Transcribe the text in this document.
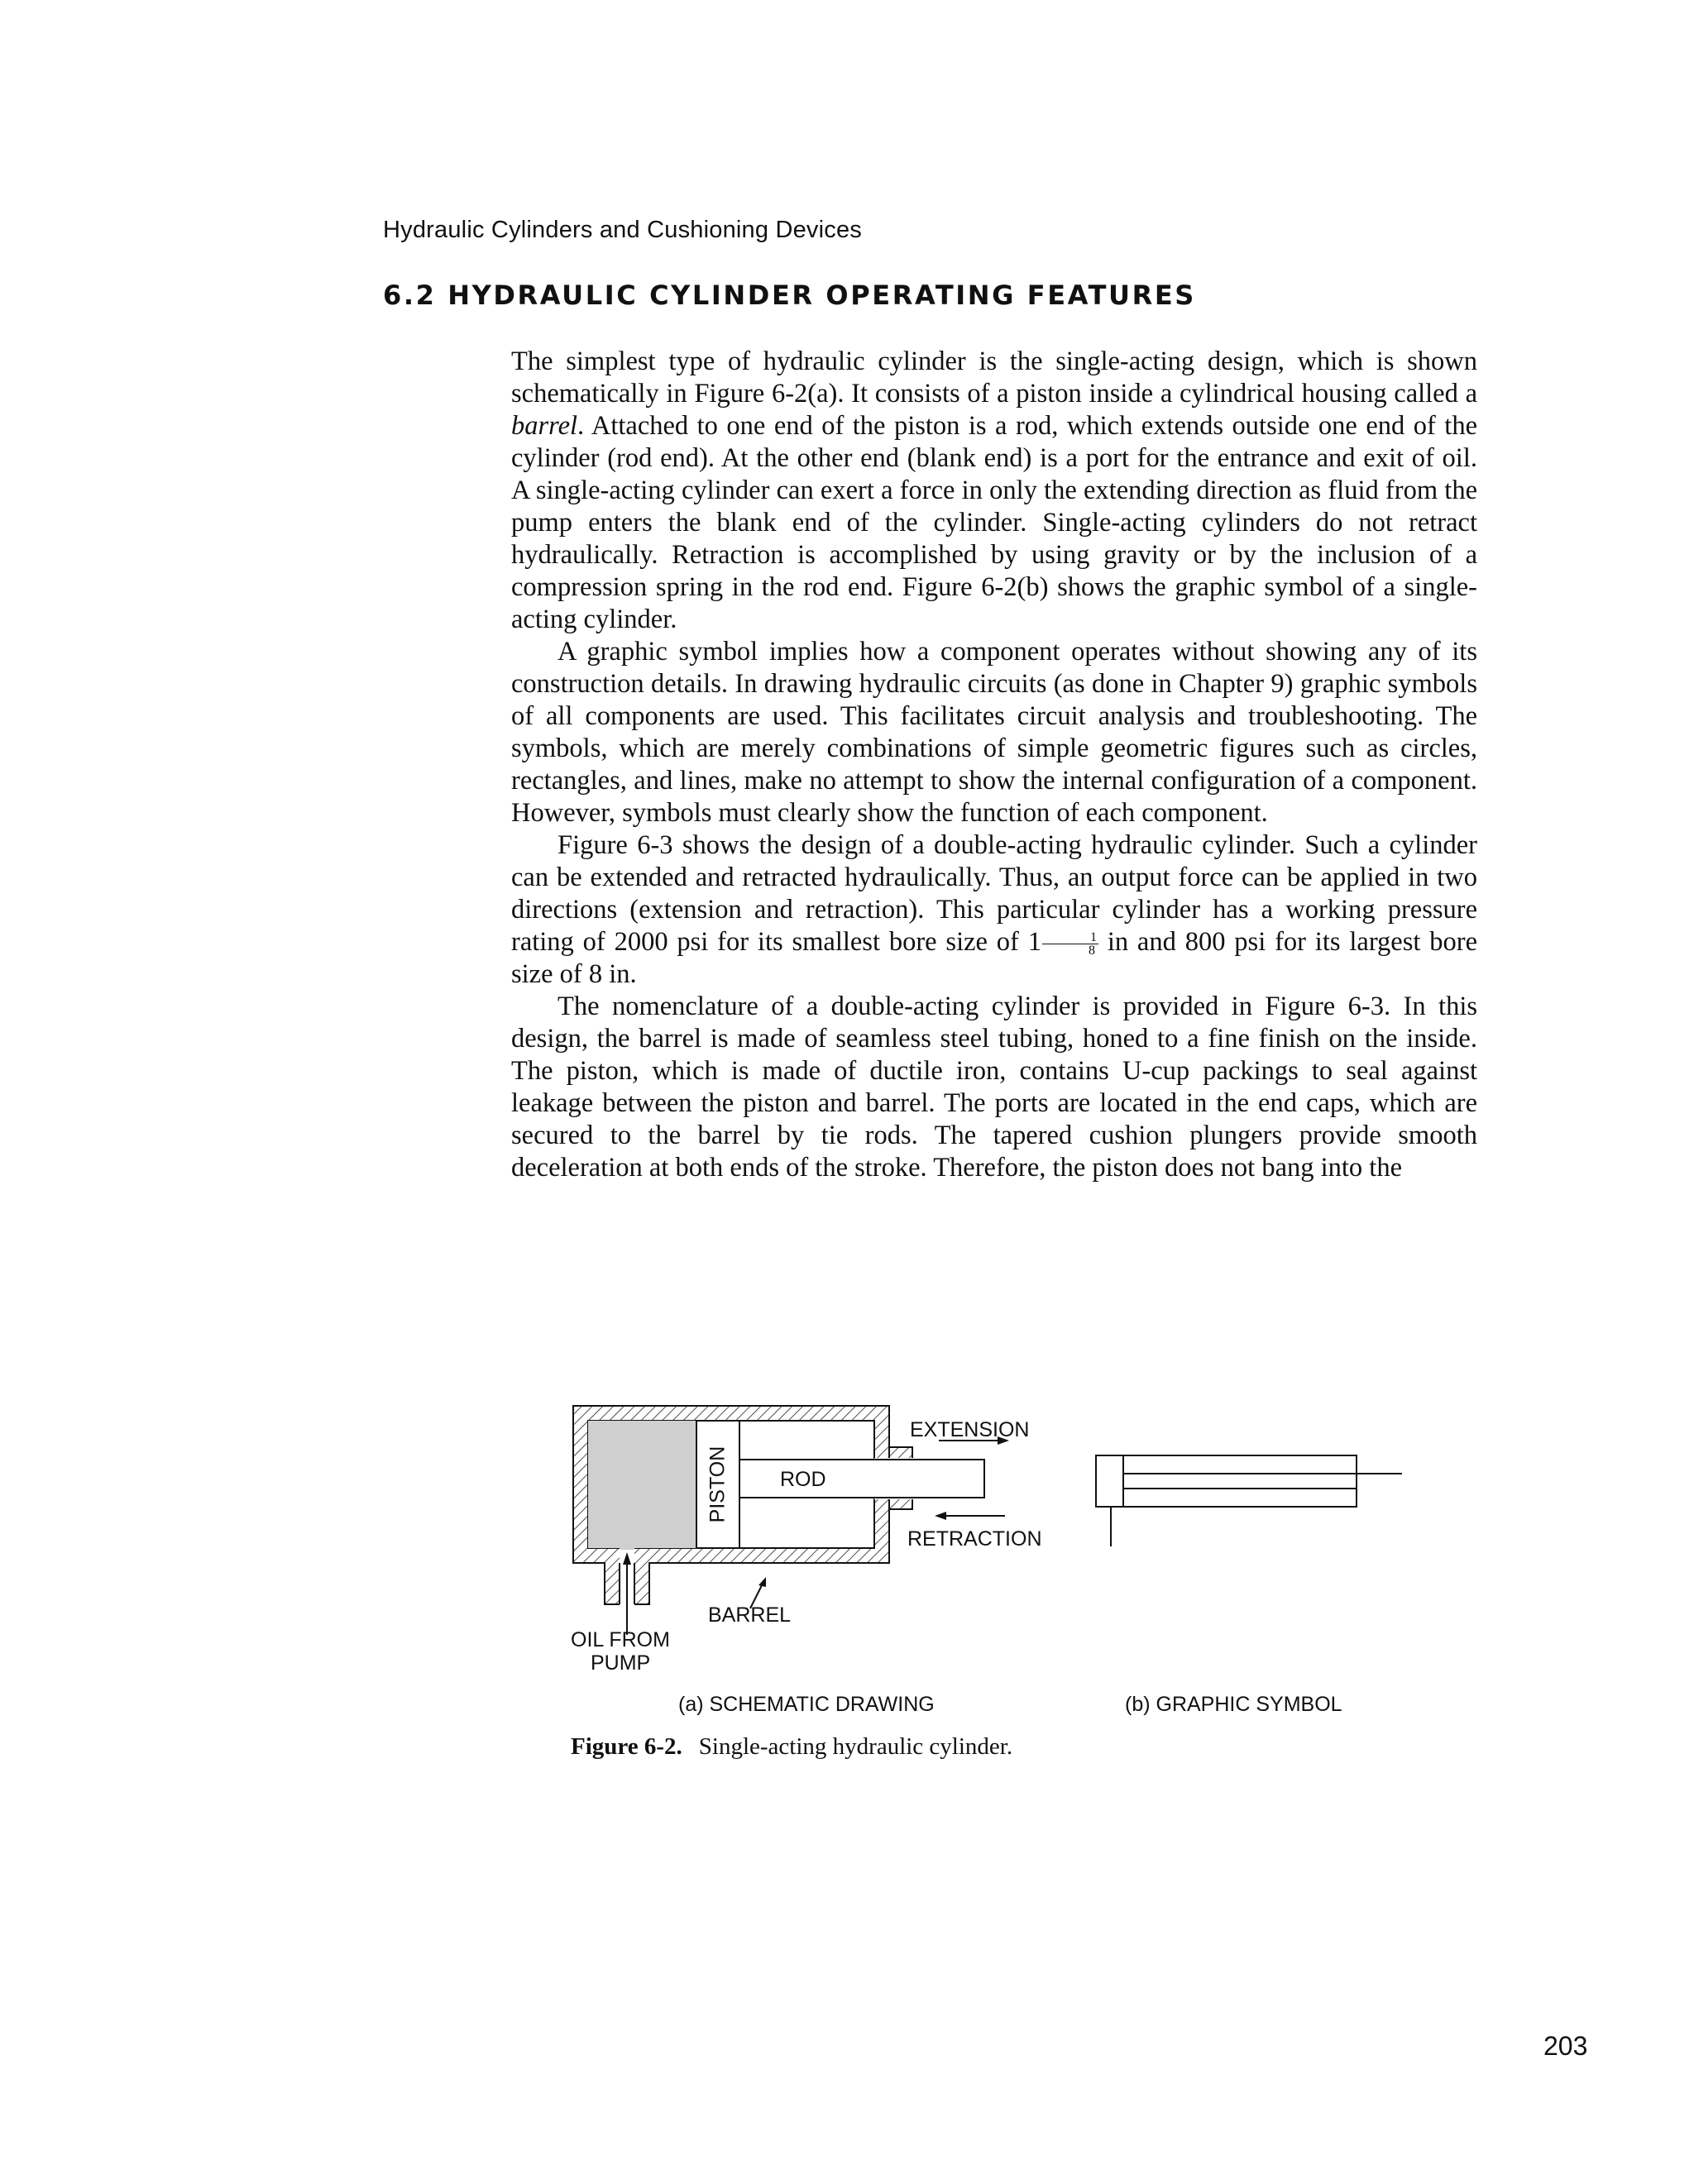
Hydraulic Cylinders and Cushioning Devices
6.2 HYDRAULIC CYLINDER OPERATING FEATURES

The simplest type of hydraulic cylinder is the single-acting design, which is shown schematically in Figure 6-2(a). It consists of a piston inside a cylindrical housing called a barrel. Attached to one end of the piston is a rod, which extends outside one end of the cylinder (rod end). At the other end (blank end) is a port for the entrance and exit of oil. A single-acting cylinder can exert a force in only the extending direction as fluid from the pump enters the blank end of the cylinder. Single-acting cylinders do not retract hydraulically. Retraction is accomplished by using gravity or by the inclusion of a compression spring in the rod end. Figure 6-2(b) shows the graphic symbol of a single-acting cylinder.

A graphic symbol implies how a component operates without showing any of its construction details. In drawing hydraulic circuits (as done in Chapter 9) graphic symbols of all components are used. This facilitates circuit analysis and troubleshooting. The symbols, which are merely combinations of simple geometric figures such as circles, rectangles, and lines, make no attempt to show the internal configuration of a component. However, symbols must clearly show the function of each component.

Figure 6-3 shows the design of a double-acting hydraulic cylinder. Such a cylinder can be extended and retracted hydraulically. Thus, an output force can be applied in two directions (extension and retraction). This particular cylinder has a working pressure rating of 2000 psi for its smallest bore size of $1 \frac{1}{8}$ in and 800 psi for its largest bore size of 8 in.

The nomenclature of a double-acting cylinder is provided in Figure 6-3. In this design, the barrel is made of seamless steel tubing, honed to a fine finish on the inside. The piston, which is made of ductile iron, contains U-cup packings to seal against leakage between the piston and barrel. The ports are located in the end caps, which are secured to the barrel by tie rods. The tapered cushion plungers provide smooth deceleration at both ends of the stroke. Therefore, the piston does not bang into the

EXTENSION
RETRACTION
PISTON ROD
BARREL
OIL FROM
PUMP
(a) SCHEMATIC DRAWING	(b) GRAPHIC SYMBOL
Figure 6-2. Single-acting hydraulic cylinder.
203
